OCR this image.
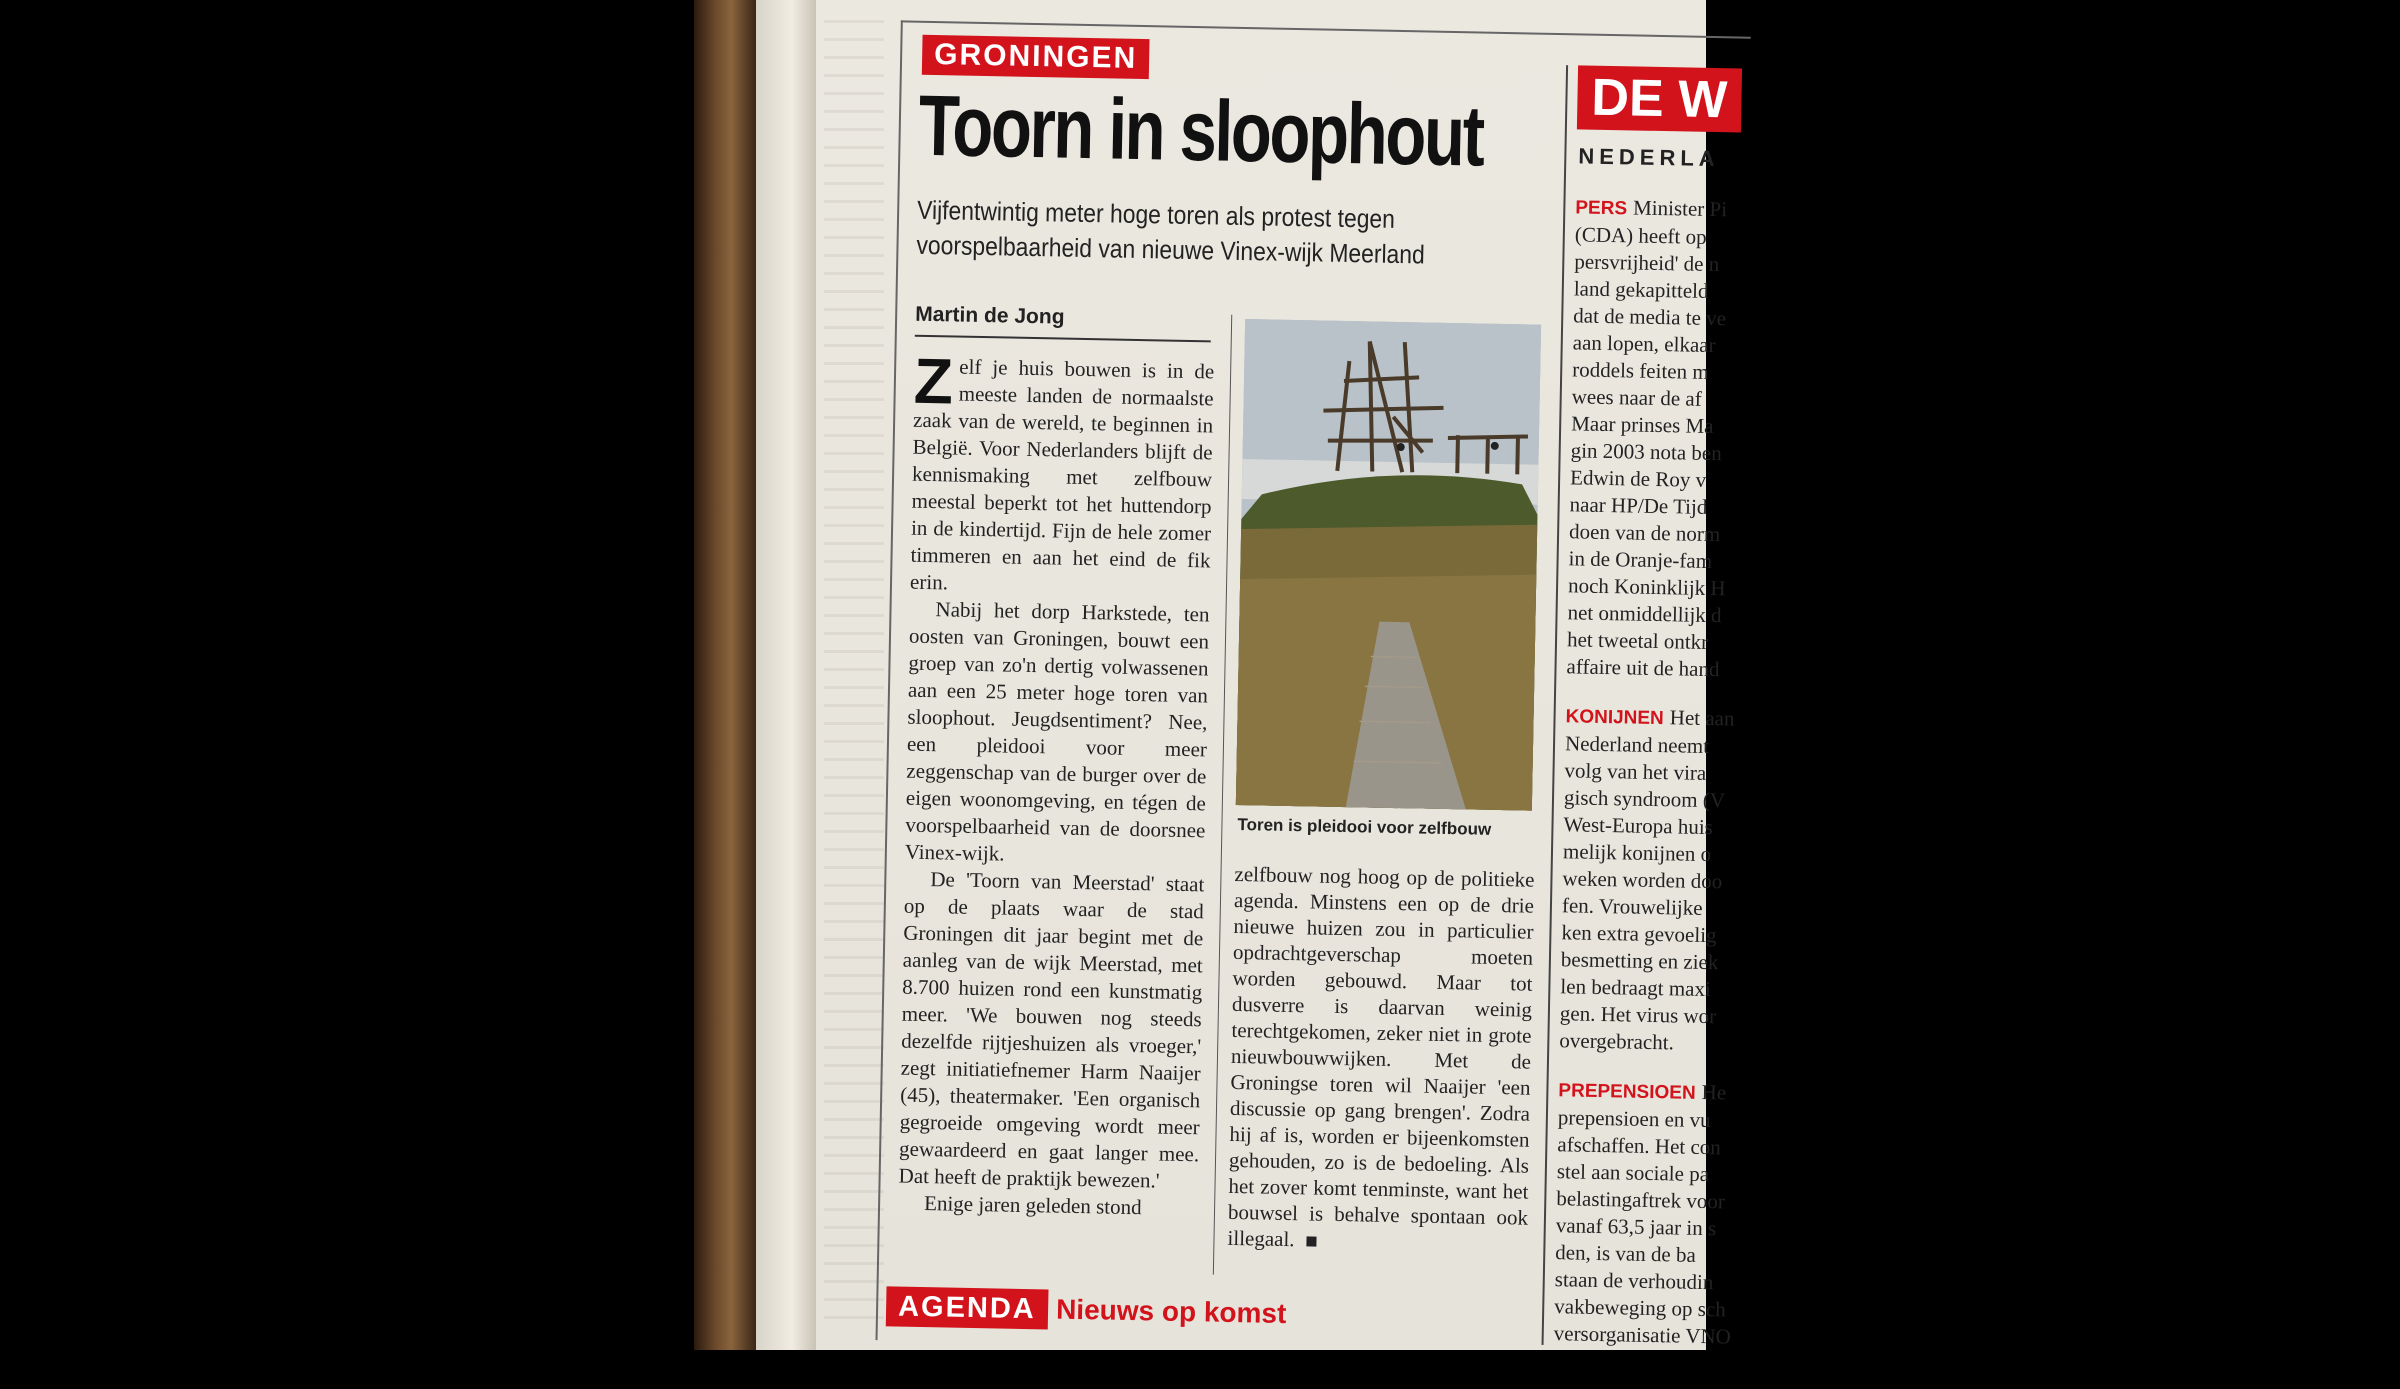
GRONINGEN
Toorn in sloophout
Vijfentwintig meter hoge toren als protest tegen voorspelbaarheid van nieuwe Vinex-wijk Meerland
Martin de Jong

Zelf je huis bouwen is in de meeste landen de normaalste zaak van de wereld, te beginnen in België. Voor Nederlanders blijft de kennismaking met zelfbouw meestal beperkt tot het huttendorp in de kindertijd. Fijn de hele zomer timmeren en aan het eind de fik erin.

Nabij het dorp Harkstede, ten oosten van Groningen, bouwt een groep van zo'n dertig volwassenen aan een 25 meter hoge toren van sloophout. Jeugdsentiment? Nee, een pleidooi voor meer zeggenschap van de burger over de eigen woonomgeving, en tégen de voorspelbaarheid van de doorsnee Vinex-wijk.

De 'Toorn van Meerstad' staat op de plaats waar de stad Groningen dit jaar begint met de aanleg van de wijk Meerstad, met 8.700 huizen rond een kunstmatig meer. 'We bouwen nog steeds dezelfde rijtjeshuizen als vroeger,' zegt initiatiefnemer Harm Naaijer (45), theatermaker. 'Een organisch gegroeide omgeving wordt meer gewaardeerd en gaat langer mee. Dat heeft de praktijk bewezen.'

Enige jaren geleden stond

Toren is pleidooi voor zelfbouw

zelfbouw nog hoog op de politieke agenda. Minstens een op de drie nieuwe huizen zou in particulier opdrachtgeverschap moeten worden gebouwd. Maar tot dusverre is daarvan weinig terechtgekomen, zeker niet in grote nieuwbouwwijken. Met de Groningse toren wil Naaijer 'een discussie op gang brengen'. Zodra hij af is, worden er bijeenkomsten gehouden, zo is de bedoeling. Als het zover komt tenminste, want het bouwsel is behalve spontaan ook illegaal.

DE W
NEDERLA

PERS Minister Pi
(CDA) heeft op
persvrijheid' de n
land gekapitteld
dat de media te ve
aan lopen, elkaar
roddels feiten m
wees naar de af
Maar prinses Ma
gin 2003 nota ben
Edwin de Roy v
naar HP/De Tijd
doen van de norm
in de Oranje-fam
noch Koninklijk H
net onmiddellijk d
het tweetal ontkr
affaire uit de hand

KONIJNEN Het aan
Nederland neemt
volg van het vira
gisch syndroom (V
West-Europa huis
melijk konijnen o
weken worden doo
fen. Vrouwelijke
ken extra gevoelig
besmetting en ziek
len bedraagt maxi
gen. Het virus wor
overgebracht.

PREPENSIOEN He
prepensioen en vu
afschaffen. Het con
stel aan sociale pa
belastingaftrek voor
vanaf 63,5 jaar in s
den, is van de ba
staan de verhoudin
vakbeweging op sch
versorganisatie VNO

AGENDA Nieuws op komst
